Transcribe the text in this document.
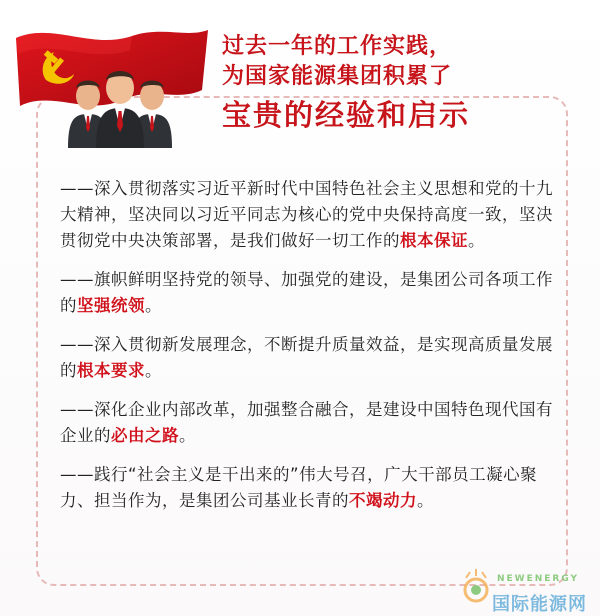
过去一年的工作实践，
为国家能源集团积累了
宝贵的经验和启示

——深入贯彻落实习近平新时代中国特色社会主义思想和党的十九大精神，坚决同以习近平同志为核心的党中央保持高度一致，坚决贯彻党中央决策部署，是我们做好一切工作的根本保证。

——旗帜鲜明坚持党的领导、加强党的建设，是集团公司各项工作的坚强统领。

——深入贯彻新发展理念，不断提升质量效益，是实现高质量发展的根本要求。

——深化企业内部改革，加强整合融合，是建设中国特色现代国有企业的必由之路。

——践行“社会主义是干出来的”伟大号召，广大干部员工凝心聚力、担当作为，是集团公司基业长青的不竭动力。

NEWENERGY
国际能源网
